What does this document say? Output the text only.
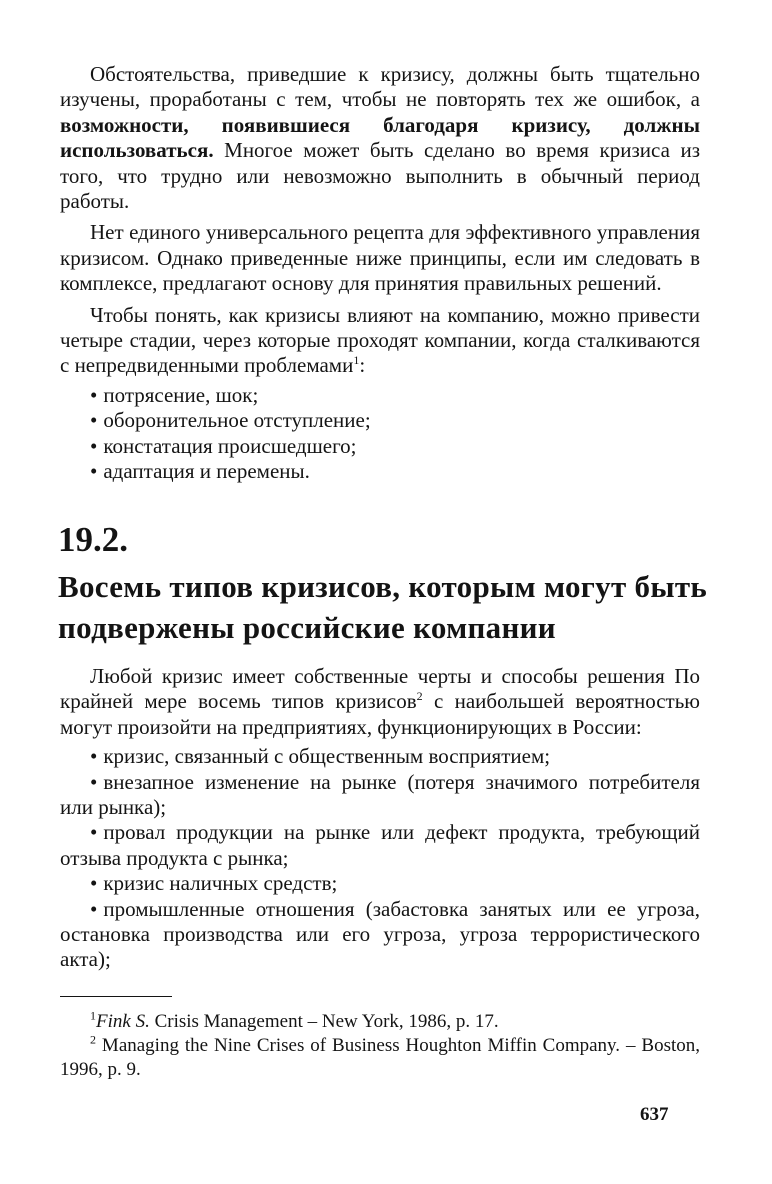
Обстоятельства, приведшие к кризису, должны быть тщательно изучены, проработаны с тем, чтобы не повторять тех же ошибок, а возможности, появившиеся благодаря кризису, должны использоваться. Многое может быть сделано во время кризиса из того, что трудно или невозможно выполнить в обычный период работы.

Нет единого универсального рецепта для эффективного управления кризисом. Однако приведенные ниже принципы, если им следовать в комплексе, предлагают основу для принятия правильных решений.

Чтобы понять, как кризисы влияют на компанию, можно привести четыре стадии, через которые проходят компании, когда сталкиваются с непредвиденными проблемами$^1$:

• потрясение, шок;
• оборонительное отступление;
• констатация происшедшего;
• адаптация и перемены.
19.2.
Восемь типов кризисов, которым могут быть подвержены российские компании

Любой кризис имеет собственные черты и способы решения По крайней мере восемь типов кризисов$^2$ с наибольшей вероятностью могут произойти на предприятиях, функционирующих в России:

• кризис, связанный с общественным восприятием;
• внезапное изменение на рынке (потеря значимого потребителя или рынка);
• провал продукции на рынке или дефект продукта, требующий отзыва продукта с рынка;
• кризис наличных средств;
• промышленные отношения (забастовка занятых или ее угроза, остановка производства или его угроза, угроза террористического акта);

$^1$Fink S. Crisis Management – New York, 1986, p. 17.

$^2$ Managing the Nine Crises of Business Houghton Miffin Company. – Boston, 1996, p. 9.

637
